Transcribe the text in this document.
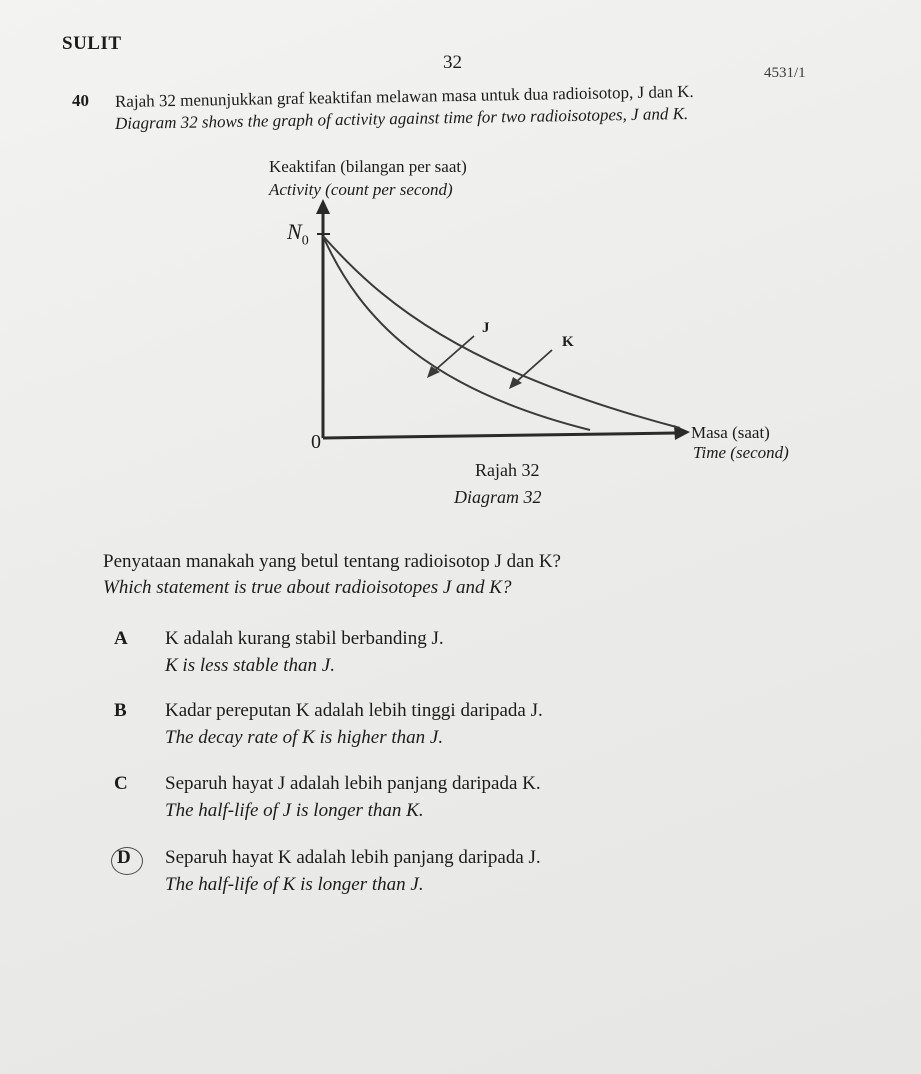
SULIT
32	4531/1
40 Rajah 32 menunjukkan graf keaktifan melawan masa untuk dua radioisotop, J dan K.
Diagram 32 shows the graph of activity against time for two radioisotopes, J and K.
Keaktifan (bilangan per saat)
Activity (count per second)
$N_0$
0
J
K
Masa (saat)
Time (second)
Rajah 32
Diagram 32
Penyataan manakah yang betul tentang radioisotop J dan K?
Which statement is true about radioisotopes J and K?
A K adalah kurang stabil berbanding J.
K is less stable than J.
B Kadar pereputan K adalah lebih tinggi daripada J.
The decay rate of K is higher than J.
C Separuh hayat J adalah lebih panjang daripada K.
The half-life of J is longer than K.
D Separuh hayat K adalah lebih panjang daripada J.
The half-life of K is longer than J.
